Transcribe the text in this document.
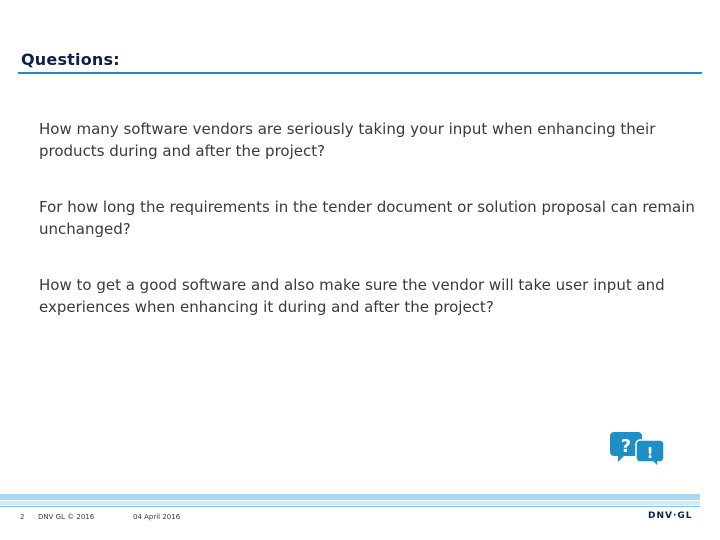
Questions:
How many software vendors are seriously taking your input when enhancing their products during and after the project?
For how long the requirements in the tender document or solution proposal can remain unchanged?
How to get a good software and also make sure the vendor will take user input and experiences when enhancing it during and after the project?
? !
2 DNV GL © 2016	04 April 2016	DNV·GL
